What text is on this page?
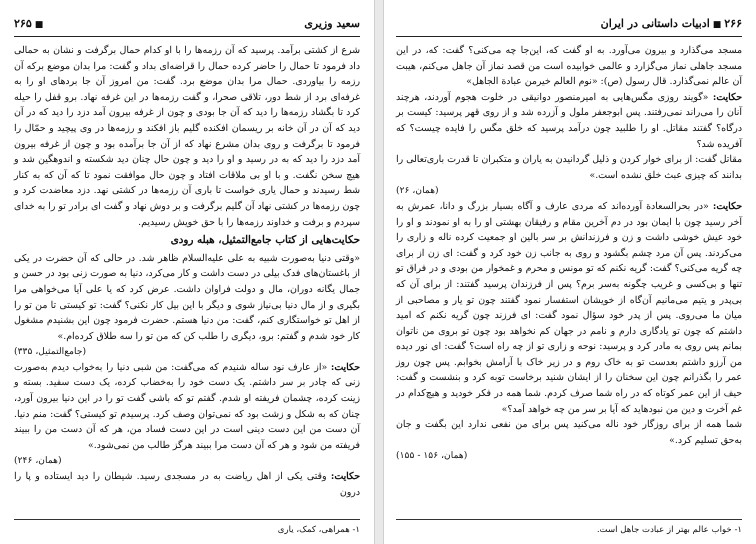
سعید وزیری
■۲۶۵

شرع از کشتی برآمد. پرسید که آن رزمه‌ها را با او کدام حمال برگرفت و نشان به حمالی داد فرمود تا حمال را حاضر کرده حمال را قراضه‌ای بداد و گفت: مرا بدان موضع برکه آن رزمه را بیاوردی. حمال مرا بدان موضع برد. گفت: من امروز آن جا بردهای او را به غرفه‌ای برد از شط دور، تلاقی صحرا، و گفت رزمه‌ها در این غرفه نهاد. برو قفل را حیله کرد تا بگشاد رزمه‌ها را دید که آن جا بودی و چون از غرفه بیرون آمد دزد را دید که در آن دید که آن در آن خانه بر ریسمان افکنده گلیم باز افکند و رزمه‌ها در وی پیچید و حمّال را فرمود تا برگرفت و روی بدان مشرع نهاد که از آن جا برآمده بود و چون از غرفه بیرون آمد دزد را دید که به در رسید و او را دید و چون حال چنان دید شکسته و اندوهگین شد و هیچ سخن نگفت. و با او بی ملاقات افتاد و چون حال موافقت نمود تا که آن که به کنار شط رسیدند و حمال یاری خواست تا باری آن رزمه‌ها در کشتی نهد. دزد معاضدت کرد و چون رزمه‌ها در کشتی نهاد آن گلیم برگرفت و بر دوش نهاد و گفت ای برادر تو را به خدای سپردم و برفت و خداوند رزمه‌ها را با حق خویش رسیدیم.

حکایت‌هایی از کتاب جامع‌التمثیل، هبله رودی

«وقتی دنیا به‌صورت شبیه به علی علیه‌السلام ظاهر شد. در حالی که آن حضرت در یکی از باغستان‌های فدک بیلی در دست داشت و کار می‌کرد، دنیا به صورت زنی بود در حسن و جمال یگانه دوران، مال و دولت فراوان داشت. عرض کرد که یا علی آیا می‌خواهی مرا بگیری و از مال دنیا بی‌نیاز شوی و دیگر با این بیل کار نکنی؟ گفت: تو کیستی تا من تو را از اهل تو خواستگاری کنم، گفت: من دنیا هستم. حضرت فرمود چون این بشنیدم مشغول کار خود شدم و گفتم: برو، دیگری را طلب کن که من تو را سه طلاق کرده‌ام.»

(جامع‌التمثیل، ۳۳۵)

حکایت: «از عارف نود ساله شنیدم که می‌گفت: من شبی دنیا را به‌خواب دیدم به‌صورت زنی که چادر بر سر داشتم. یک دست خود را به‌خضاب کرده، یک دست سفید. بسته و زینت کرده، چشمان فریفته او شدم. گفتم تو که باشی گفت تو را در این دنیا بیرون آورد، چنان که به شکل و زشت بود که نمی‌توان وصف کرد. پرسیدم تو کیستی؟ گفت: منم دنیا. آن دست من این دست دینی است در این دست فساد من، هر که آن دست من را ببیند فریفته من شود و هر که آن دست مرا ببیند هرگز طالب من نمی‌شود.»

(همان، ۲۴۶)

حکایت: وقتی یکی از اهل ریاضت به در مسجدی رسید. شیطان را دید ایستاده و پا را درون

۱- همراهی، کمک، یاری
۲۶۶■ادبیات داستانی در ایران

مسجد می‌گذارد و بیرون می‌آورد. به او گفت که، این‌جا چه می‌کنی؟ گفت: که، در این مسجد جاهلی نماز می‌گزارد و عالمی خوابیده است من قصد نماز آن جاهل می‌کنم، هیبت آن عالم نمی‌گذارد. قال رسول (ص): «نوم العالم خیرمن عبادة الجاهل»

حکایت: «گویند روزی مگس‌هایی به امیرمنصور دوانیقی در خلوت هجوم آوردند، هرچند آنان را می‌راند نمی‌رفتند. پس ابوجعفر ملول و آزرده شد و از روی قهر پرسید: کیست بر درگاه؟ گفتند مقاتل. او را طلبید چون درآمد پرسید که خلق مگس را فایده چیست؟ که آفریده شد؟

مقاتل گفت: از برای خوار کردن و ذلیل گردانیدن به یاران و متکبران تا قدرت باری‌تعالی را بدانند که چیزی عبث خلق نشده است.»

(همان، ۲۶)

حکایت: «در بحرالسعادة آورده‌اند که مردی عارف و آگاه بسیار بزرگ و دانا، عمرش به آخر رسید چون با ایمان بود در دم آخرین مقام و رفیقان بهشتی او را به او نمودند و او را خود عیش خوشی داشت و زن و فرزندانش بر سر بالین او جمعیت کرده ناله و زاری را می‌کردند. پس آن مرد چشم بگشود و روی به جانب زن خود کرد و گفت: ای زن از برای چه گریه می‌کنی؟ گفت: گریه نکنم که تو مونس و محرم و غمخوار من بودی و در فراق تو تنها و بی‌کسی و غریب چگونه به‌سر برم؟ پس از فرزندان پرسید گفتند: از برای آن که بی‌پدر و یتیم می‌مانیم آن‌گاه از خویشان استفسار نمود گفتند چون تو یار و مصاحبی از میان ما می‌روی. پس از پدر خود سؤال نمود گفت: ای فرزند چون گریه نکنم که امید داشتم که چون تو یادگاری دارم و نامم در جهان کم نخواهد بود چون تو بروی من ناتوان بمانم پس روی به مادر کرد و پرسید: نوحه و زاری تو از چه راه است؟ گفت: ای نور دیده من آرزو داشتم بعدست تو به خاک روم و در زیر خاک با آرامش بخوابم. پس چون روز عمر را بگذرانم چون این سخنان را از ایشان شنید برخاست توبه کرد و بنشست و گفت: حیف از این عمر کوتاه که در راه شما صرف کردم. شما همه در فکر خودید و هیچ‌کدام در غم آخرت و دین من نبودهاید که آیا بر سر من چه خواهد آمد؟»

شما همه از برای روزگار خود ناله می‌کنید پس برای من نفعی ندارد این بگفت و جان به‌حق تسلیم کرد.»

(همان، ۱۵۶ - ۱۵۵)
۱- خواب عالم بهتر از عبادت جاهل است.
